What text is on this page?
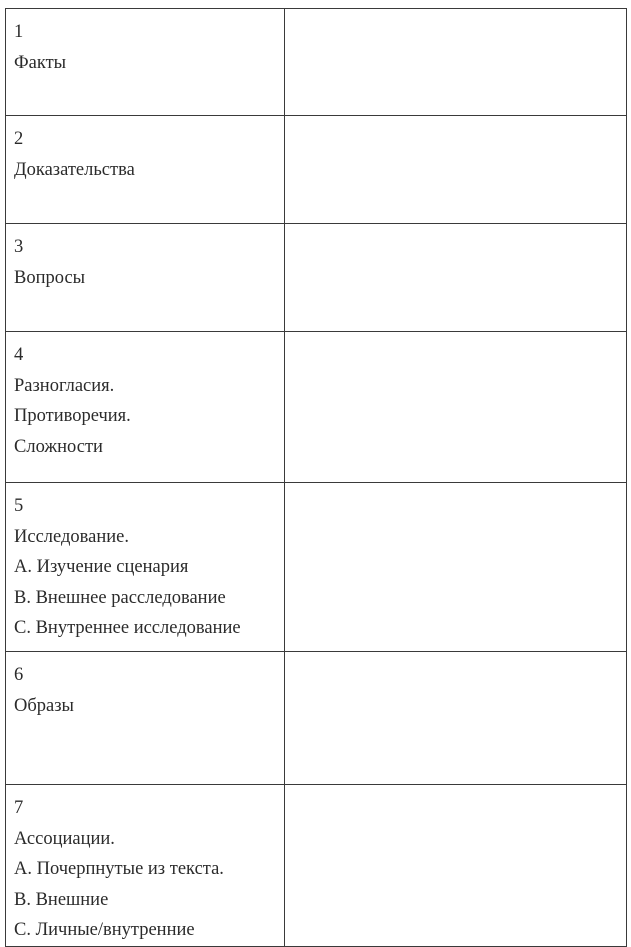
1
Факты	

2
Доказательства	

3
Вопросы	

4
Разногласия.
Противоречия.
Сложности	

5
Исследование.
A. Изучение сценария
B. Внешнее расследование
C. Внутреннее исследование	

6
Образы	

7
Ассоциации.
A. Почерпнутые из текста.
B. Внешние
C. Личные/внутренние	
